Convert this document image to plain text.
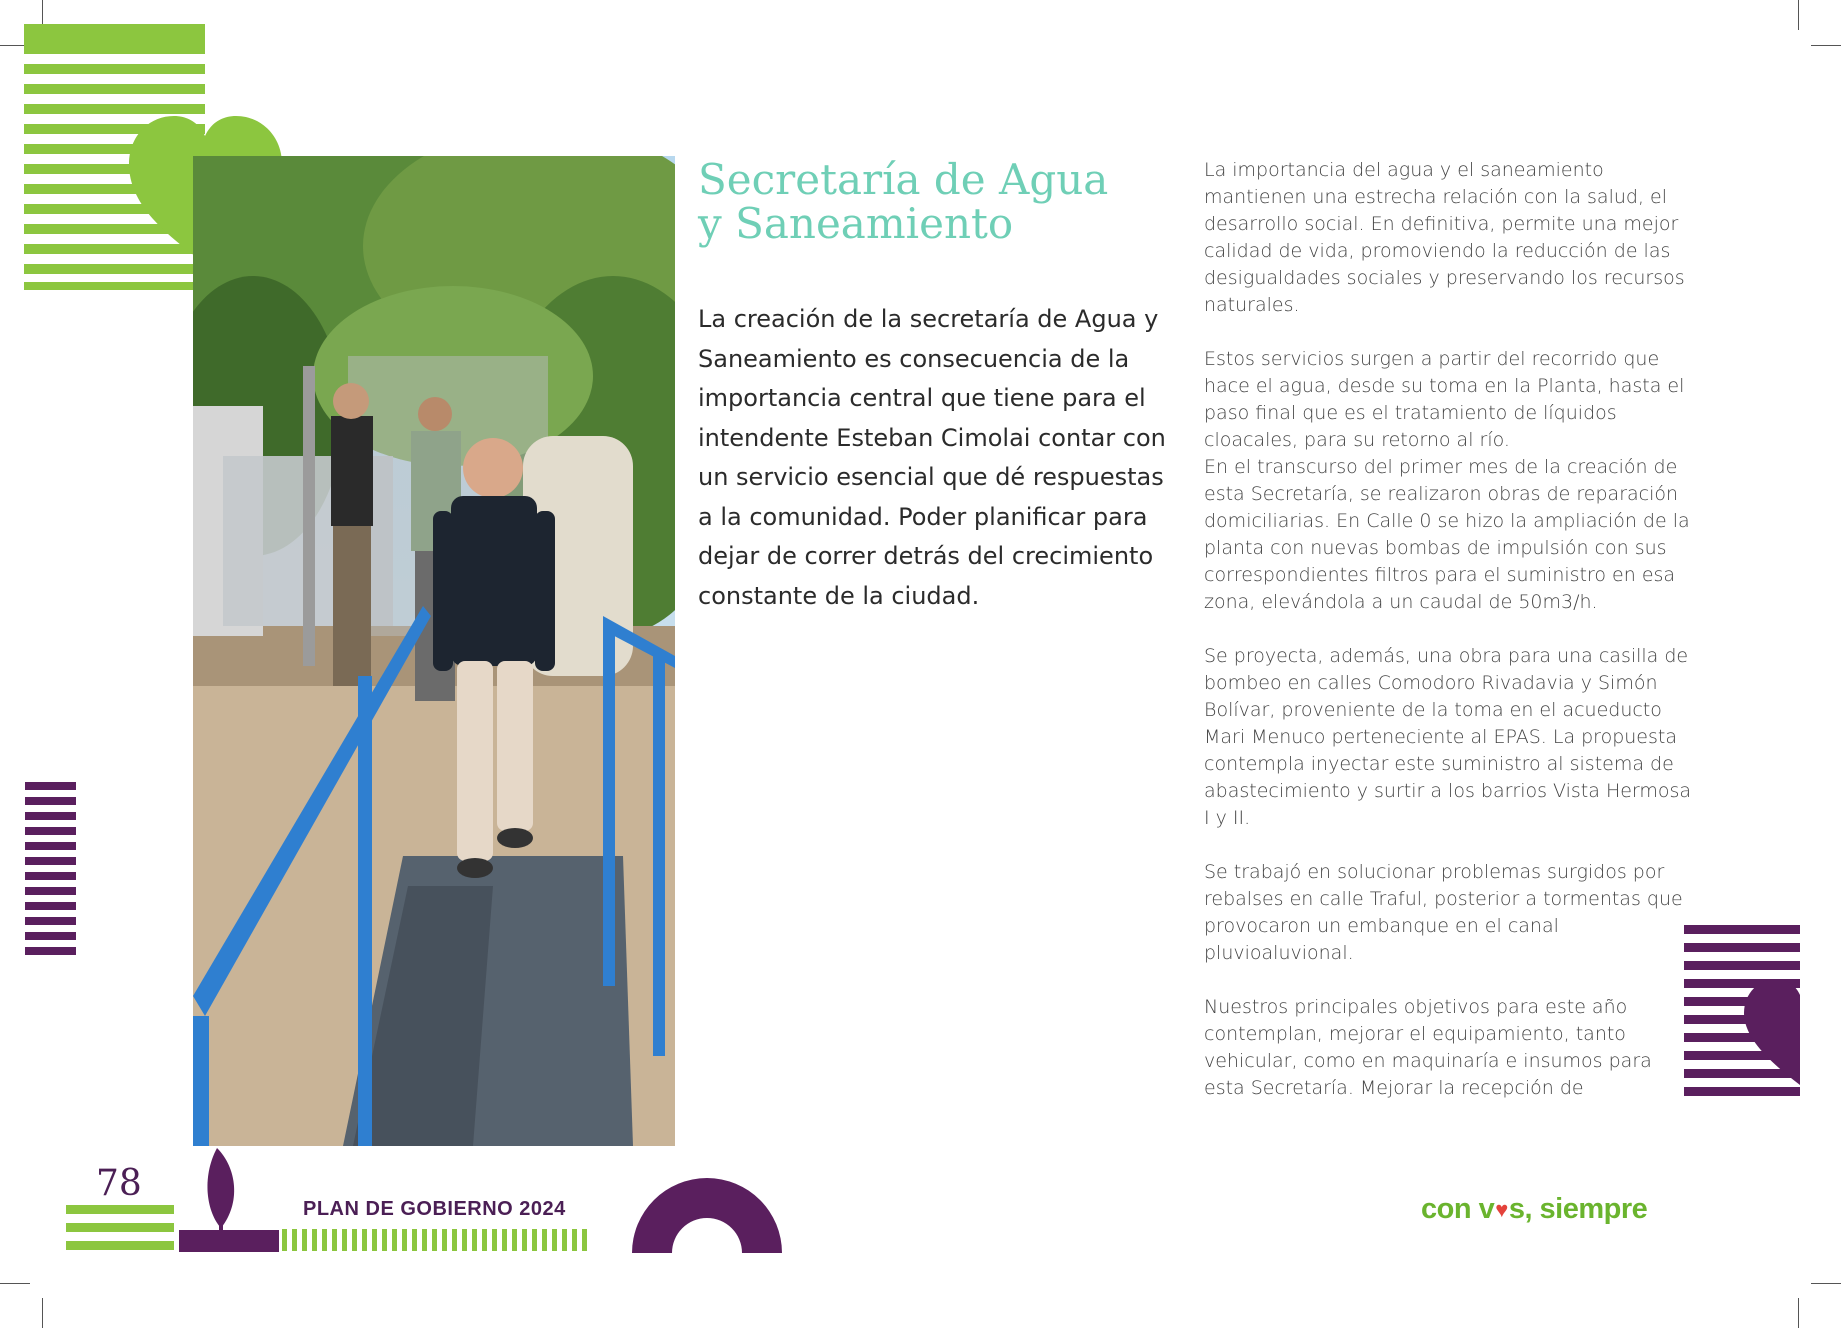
Secretaría de Agua
y Saneamiento

La creación de la secretaría de Agua y Saneamiento es consecuencia de la importancia central que tiene para el intendente Esteban Cimolai contar con un servicio esencial que dé respuestas a la comunidad. Poder planificar para dejar de correr detrás del crecimiento constante de la ciudad.

La importancia del agua y el saneamiento mantienen una estrecha relación con la salud, el desarrollo social. En definitiva, permite una mejor calidad de vida, promoviendo la reducción de las desigualdades sociales y preservando los recursos naturales.

Estos servicios surgen a partir del recorrido que hace el agua, desde su toma en la Planta, hasta el paso final que es el tratamiento de líquidos cloacales, para su retorno al río.

En el transcurso del primer mes de la creación de esta Secretaría, se realizaron obras de reparación domiciliarias. En Calle 0 se hizo la ampliación de la planta con nuevas bombas de impulsión con sus correspondientes filtros para el suministro en esa zona, elevándola a un caudal de 50m3/h.

Se proyecta, además, una obra para una casilla de bombeo en calles Comodoro Rivadavia y Simón Bolívar, proveniente de la toma en el acueducto Mari Menuco perteneciente al EPAS. La propuesta contempla inyectar este suministro al sistema de abastecimiento y surtir a los barrios Vista Hermosa I y II.

Se trabajó en solucionar problemas surgidos por rebalses en calle Traful, posterior a tormentas que provocaron un embanque en el canal pluvioaluvional.

Nuestros principales objetivos para este año contemplan, mejorar el equipamiento, tanto vehicular, como en maquinaría e insumos para esta Secretaría. Mejorar la recepción de

78
PLAN DE GOBIERNO 2024	con v ♥ s, siempre
